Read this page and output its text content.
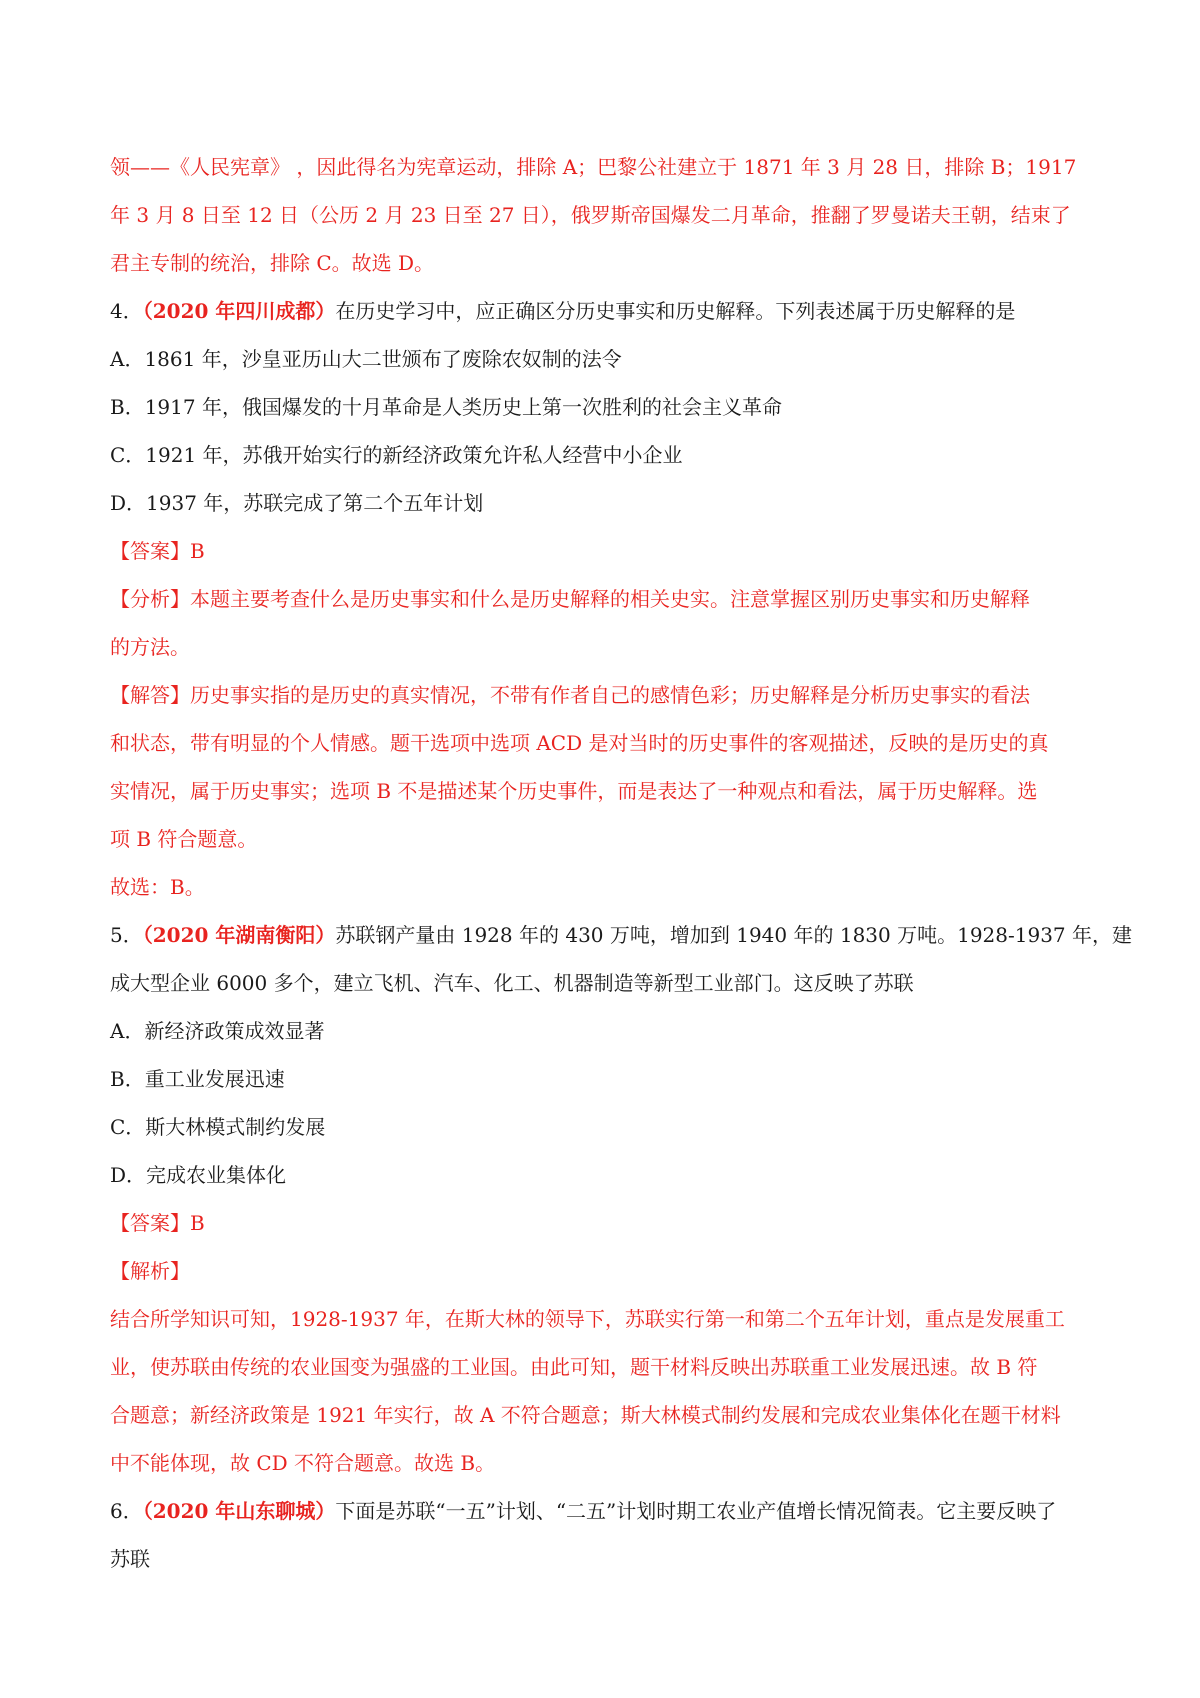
领——《人民宪章》 ，因此得名为宪章运动，排除 A；巴黎公社建立于 1871 年 3 月 28 日，排除 B；1917
年 3 月 8 日至 12 日（公历 2 月 23 日至 27 日），俄罗斯帝国爆发二月革命，推翻了罗曼诺夫王朝，结束了
君主专制的统治，排除 C。故选 D。
4．（2020 年四川成都）在历史学习中，应正确区分历史事实和历史解释。下列表述属于历史解释的是
A．1861 年，沙皇亚历山大二世颁布了废除农奴制的法令
B．1917 年，俄国爆发的十月革命是人类历史上第一次胜利的社会主义革命
C．1921 年，苏俄开始实行的新经济政策允许私人经营中小企业
D．1937 年，苏联完成了第二个五年计划
【答案】B
【分析】本题主要考查什么是历史事实和什么是历史解释的相关史实。注意掌握区别历史事实和历史解释
的方法。
【解答】历史事实指的是历史的真实情况，不带有作者自己的感情色彩；历史解释是分析历史事实的看法
和状态，带有明显的个人情感。题干选项中选项 ACD 是对当时的历史事件的客观描述，反映的是历史的真
实情况，属于历史事实；选项 B 不是描述某个历史事件，而是表达了一种观点和看法，属于历史解释。选
项 B 符合题意。
故选：B。
5．（2020 年湖南衡阳）苏联钢产量由 1928 年的 430 万吨，增加到 1940 年的 1830 万吨。1928-1937 年，建
成大型企业 6000 多个，建立飞机、汽车、化工、机器制造等新型工业部门。这反映了苏联
A．新经济政策成效显著
B．重工业发展迅速
C．斯大林模式制约发展
D．完成农业集体化
【答案】B
【解析】
结合所学知识可知，1928-1937 年，在斯大林的领导下，苏联实行第一和第二个五年计划，重点是发展重工
业，使苏联由传统的农业国变为强盛的工业国。由此可知，题干材料反映出苏联重工业发展迅速。故 B 符
合题意；新经济政策是 1921 年实行，故 A 不符合题意；斯大林模式制约发展和完成农业集体化在题干材料
中不能体现，故 CD 不符合题意。故选 B。
6．（2020 年山东聊城）下面是苏联“一五”计划、“二五”计划时期工农业产值增长情况简表。它主要反映了
苏联
